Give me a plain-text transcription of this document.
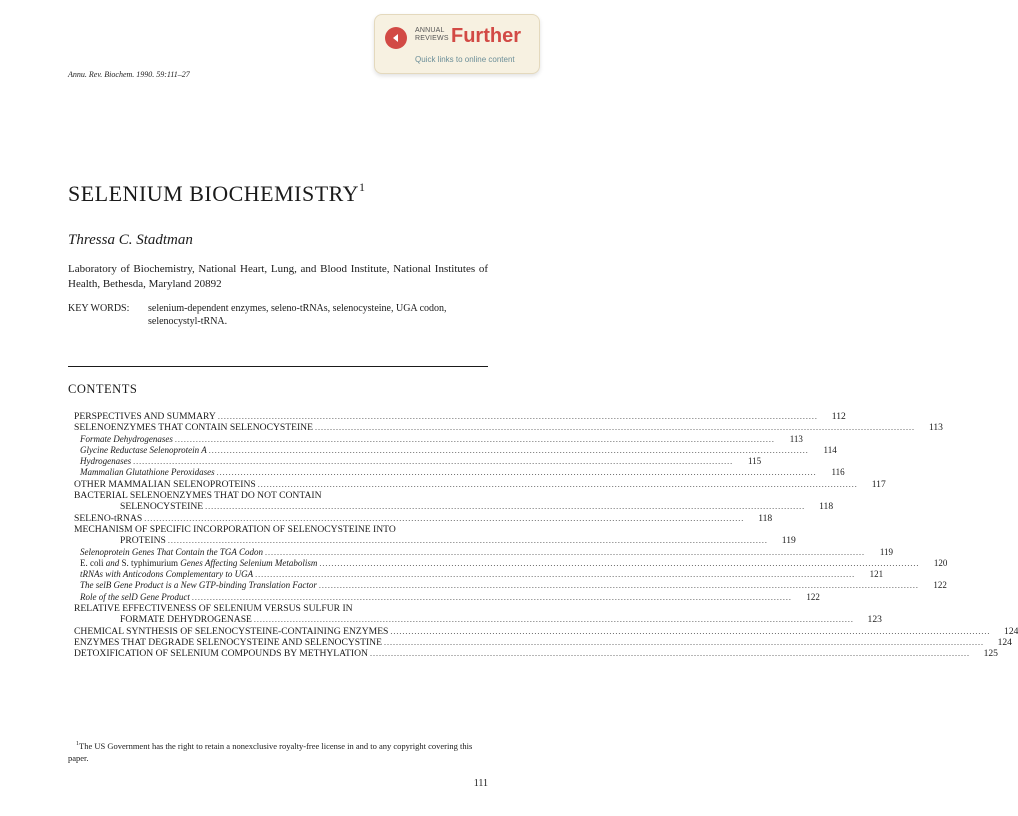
ANNUAL
REVIEWS Further
Quick links to online content
Annu. Rev. Biochem. 1990. 59:111–27
SELENIUM BIOCHEMISTRY$^1$
Thressa C. Stadtman
Laboratory of Biochemistry, National Heart, Lung, and Blood Institute, National Institutes of Health, Bethesda, Maryland 20892
KEY WORDS:	selenium-dependent enzymes, seleno-tRNAs, selenocysteine, UGA codon, selenocystyl-tRNA.
CONTENTS
PERSPECTIVES AND SUMMARY ........................................................................................................................................................................................................	112
SELENOENZYMES THAT CONTAIN SELENOCYSTEINE ........................................................................................................................................................................................................	113
Formate Dehydrogenases ........................................................................................................................................................................................................	113
Glycine Reductase Selenoprotein A ........................................................................................................................................................................................................	114
Hydrogenases ........................................................................................................................................................................................................	115
Mammalian Glutathione Peroxidases ........................................................................................................................................................................................................	116
OTHER MAMMALIAN SELENOPROTEINS ........................................................................................................................................................................................................	117
BACTERIAL SELENOENZYMES THAT DO NOT CONTAIN
SELENOCYSTEINE ........................................................................................................................................................................................................	118
SELENO-tRNAS ........................................................................................................................................................................................................	118
MECHANISM OF SPECIFIC INCORPORATION OF SELENOCYSTEINE INTO
PROTEINS ........................................................................................................................................................................................................	119
Selenoprotein Genes That Contain the TGA Codon ........................................................................................................................................................................................................	119
E. coli and S. typhimurium Genes Affecting Selenium Metabolism ........................................................................................................................................................................................................	120
tRNAs with Anticodons Complementary to UGA ........................................................................................................................................................................................................	121
The selB Gene Product is a New GTP-binding Translation Factor ........................................................................................................................................................................................................	122
Role of the selD Gene Product ........................................................................................................................................................................................................	122
RELATIVE EFFECTIVENESS OF SELENIUM VERSUS SULFUR IN
FORMATE DEHYDROGENASE ........................................................................................................................................................................................................	123
CHEMICAL SYNTHESIS OF SELENOCYSTEINE-CONTAINING ENZYMES ........................................................................................................................................................................................................	124
ENZYMES THAT DEGRADE SELENOCYSTEINE AND SELENOCYSTINE ........................................................................................................................................................................................................	124
DETOXIFICATION OF SELENIUM COMPOUNDS BY METHYLATION ........................................................................................................................................................................................................	125
$^1$The US Government has the right to retain a nonexclusive royalty-free license in and to any copyright covering this paper.
111
